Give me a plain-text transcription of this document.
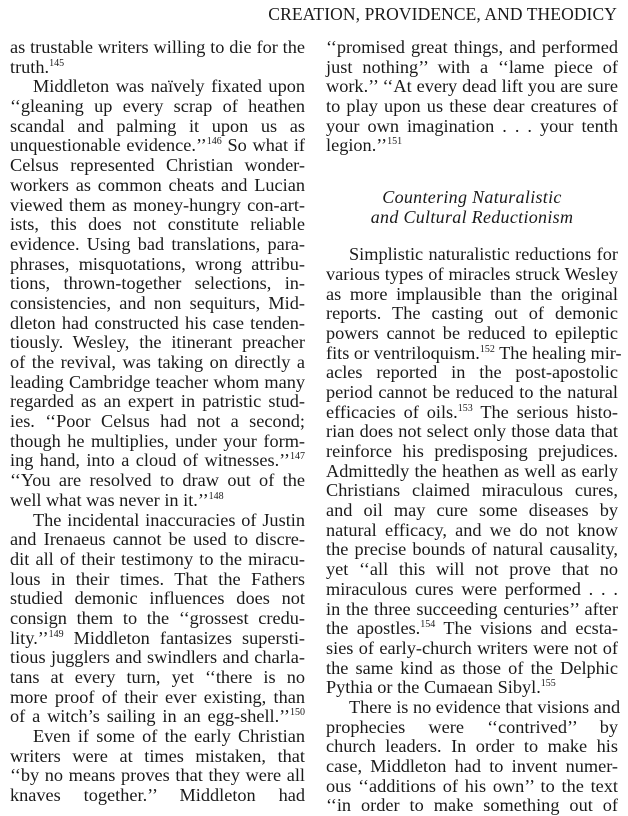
CREATION, PROVIDENCE, AND THEODICY
as trustable writers willing to die for the
truth.$^{145}$
Middleton was naïvely fixated upon
‘‘gleaning up every scrap of heathen
scandal and palming it upon us as
unquestionable evidence.’’$^{146}$ So what if
Celsus represented Christian wonder-
workers as common cheats and Lucian
viewed them as money-hungry con-art-
ists, this does not constitute reliable
evidence. Using bad translations, para-
phrases, misquotations, wrong attribu-
tions, thrown-together selections, in-
consistencies, and non sequiturs, Mid-
dleton had constructed his case tenden-
tiously. Wesley, the itinerant preacher
of the revival, was taking on directly a
leading Cambridge teacher whom many
regarded as an expert in patristic stud-
ies. ‘‘Poor Celsus had not a second;
though he multiplies, under your form-
ing hand, into a cloud of witnesses.’’$^{147}$
‘‘You are resolved to draw out of the
well what was never in it.’’$^{148}$
The incidental inaccuracies of Justin
and Irenaeus cannot be used to discre-
dit all of their testimony to the miracu-
lous in their times. That the Fathers
studied demonic influences does not
consign them to the ‘‘grossest credu-
lity.’’$^{149}$ Middleton fantasizes supersti-
tious jugglers and swindlers and charla-
tans at every turn, yet ‘‘there is no
more proof of their ever existing, than
of a witch’s sailing in an egg-shell.’’$^{150}$
Even if some of the early Christian
writers were at times mistaken, that
‘‘by no means proves that they were all
knaves together.’’ Middleton had
‘‘promised great things, and performed
just nothing’’ with a ‘‘lame piece of
work.’’ ‘‘At every dead lift you are sure
to play upon us these dear creatures of
your own imagination . . . your tenth
legion.’’$^{151}$
Countering Naturalistic
and Cultural Reductionism
Simplistic naturalistic reductions for
various types of miracles struck Wesley
as more implausible than the original
reports. The casting out of demonic
powers cannot be reduced to epileptic
fits or ventriloquism.$^{152}$ The healing mir-
acles reported in the post-apostolic
period cannot be reduced to the natural
efficacies of oils.$^{153}$ The serious histo-
rian does not select only those data that
reinforce his predisposing prejudices.
Admittedly the heathen as well as early
Christians claimed miraculous cures,
and oil may cure some diseases by
natural efficacy, and we do not know
the precise bounds of natural causality,
yet ‘‘all this will not prove that no
miraculous cures were performed . . .
in the three succeeding centuries’’ after
the apostles.$^{154}$ The visions and ecsta-
sies of early-church writers were not of
the same kind as those of the Delphic
Pythia or the Cumaean Sibyl.$^{155}$
There is no evidence that visions and
prophecies were ‘‘contrived’’ by
church leaders. In order to make his
case, Middleton had to invent numer-
ous ‘‘additions of his own’’ to the text
‘‘in order to make something out of
